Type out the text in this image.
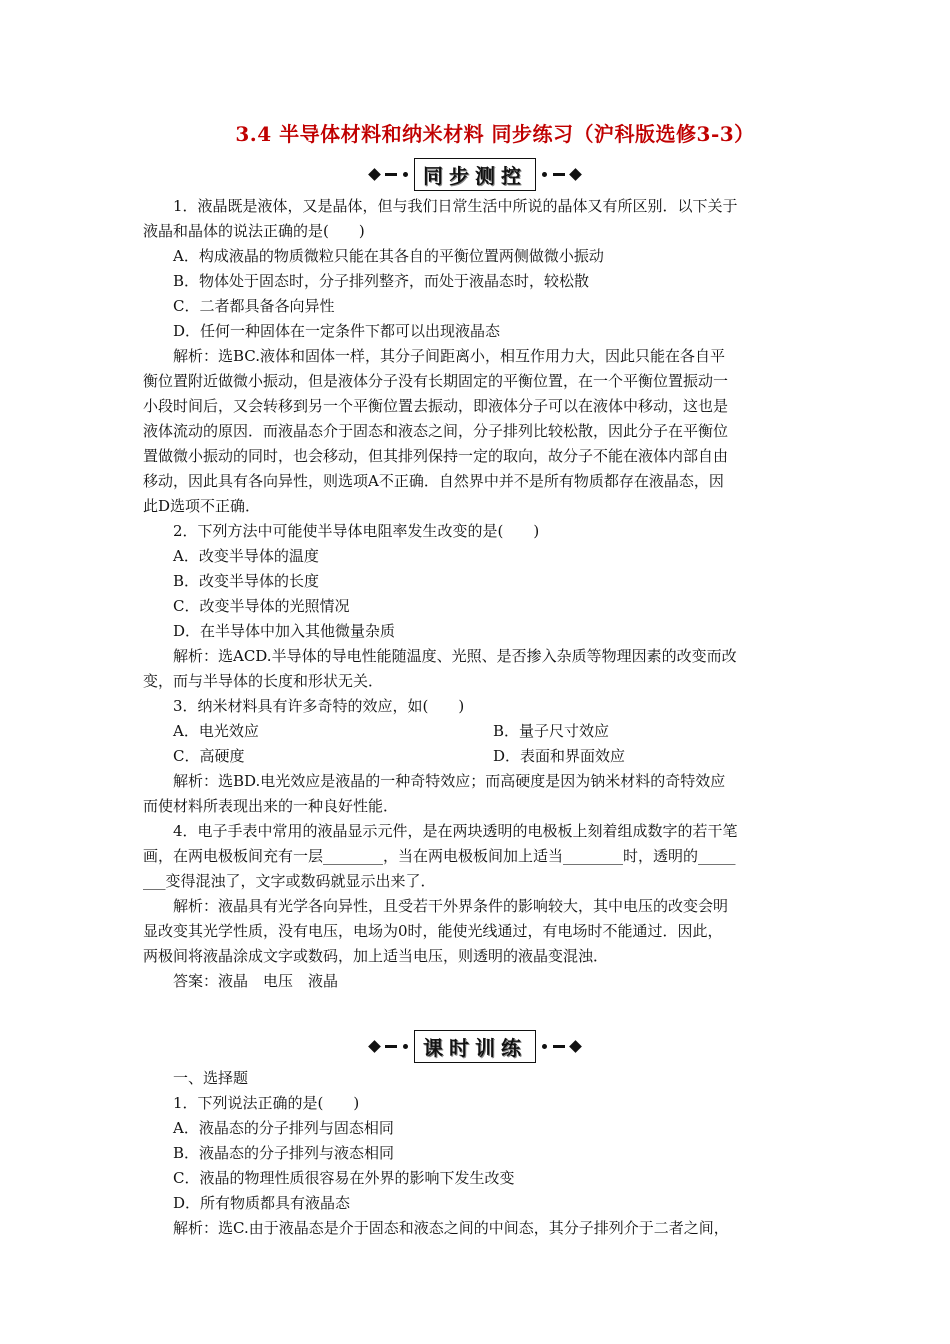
3.4 半导体材料和纳米材料 同步练习（沪科版选修3-3）
同步测控
1．液晶既是液体，又是晶体，但与我们日常生活中所说的晶体又有所区别．以下关于
液晶和晶体的说法正确的是(　　)
A．构成液晶的物质微粒只能在其各自的平衡位置两侧做微小振动
B．物体处于固态时，分子排列整齐，而处于液晶态时，较松散
C．二者都具备各向异性
D．任何一种固体在一定条件下都可以出现液晶态
解析：选BC.液体和固体一样，其分子间距离小，相互作用力大，因此只能在各自平
衡位置附近做微小振动，但是液体分子没有长期固定的平衡位置，在一个平衡位置振动一
小段时间后，又会转移到另一个平衡位置去振动，即液体分子可以在液体中移动，这也是
液体流动的原因．而液晶态介于固态和液态之间，分子排列比较松散，因此分子在平衡位
置做微小振动的同时，也会移动，但其排列保持一定的取向，故分子不能在液体内部自由
移动，因此具有各向异性，则选项A不正确．自然界中并不是所有物质都存在液晶态，因
此D选项不正确．
2．下列方法中可能使半导体电阻率发生改变的是(　　)
A．改变半导体的温度
B．改变半导体的长度
C．改变半导体的光照情况
D．在半导体中加入其他微量杂质
解析：选ACD.半导体的导电性能随温度、光照、是否掺入杂质等物理因素的改变而改
变，而与半导体的长度和形状无关．
3．纳米材料具有许多奇特的效应，如(　　)
A．电光效应	B．量子尺寸效应
C．高硬度	D．表面和界面效应
解析：选BD.电光效应是液晶的一种奇特效应；而高硬度是因为钠米材料的奇特效应
而使材料所表现出来的一种良好性能．
4．电子手表中常用的液晶显示元件，是在两块透明的电极板上刻着组成数字的若干笔
画，在两电极板间充有一层________，当在两电极板间加上适当________时，透明的_____
___变得混浊了，文字或数码就显示出来了．
解析：液晶具有光学各向异性，且受若干外界条件的影响较大，其中电压的改变会明
显改变其光学性质，没有电压，电场为0时，能使光线通过，有电场时不能通过．因此，
两极间将液晶涂成文字或数码，加上适当电压，则透明的液晶变混浊．
答案：液晶　电压　液晶
课时训练
一、选择题
1．下列说法正确的是(　　)
A．液晶态的分子排列与固态相同
B．液晶态的分子排列与液态相同
C．液晶的物理性质很容易在外界的影响下发生改变
D．所有物质都具有液晶态
解析：选C.由于液晶态是介于固态和液态之间的中间态，其分子排列介于二者之间，
